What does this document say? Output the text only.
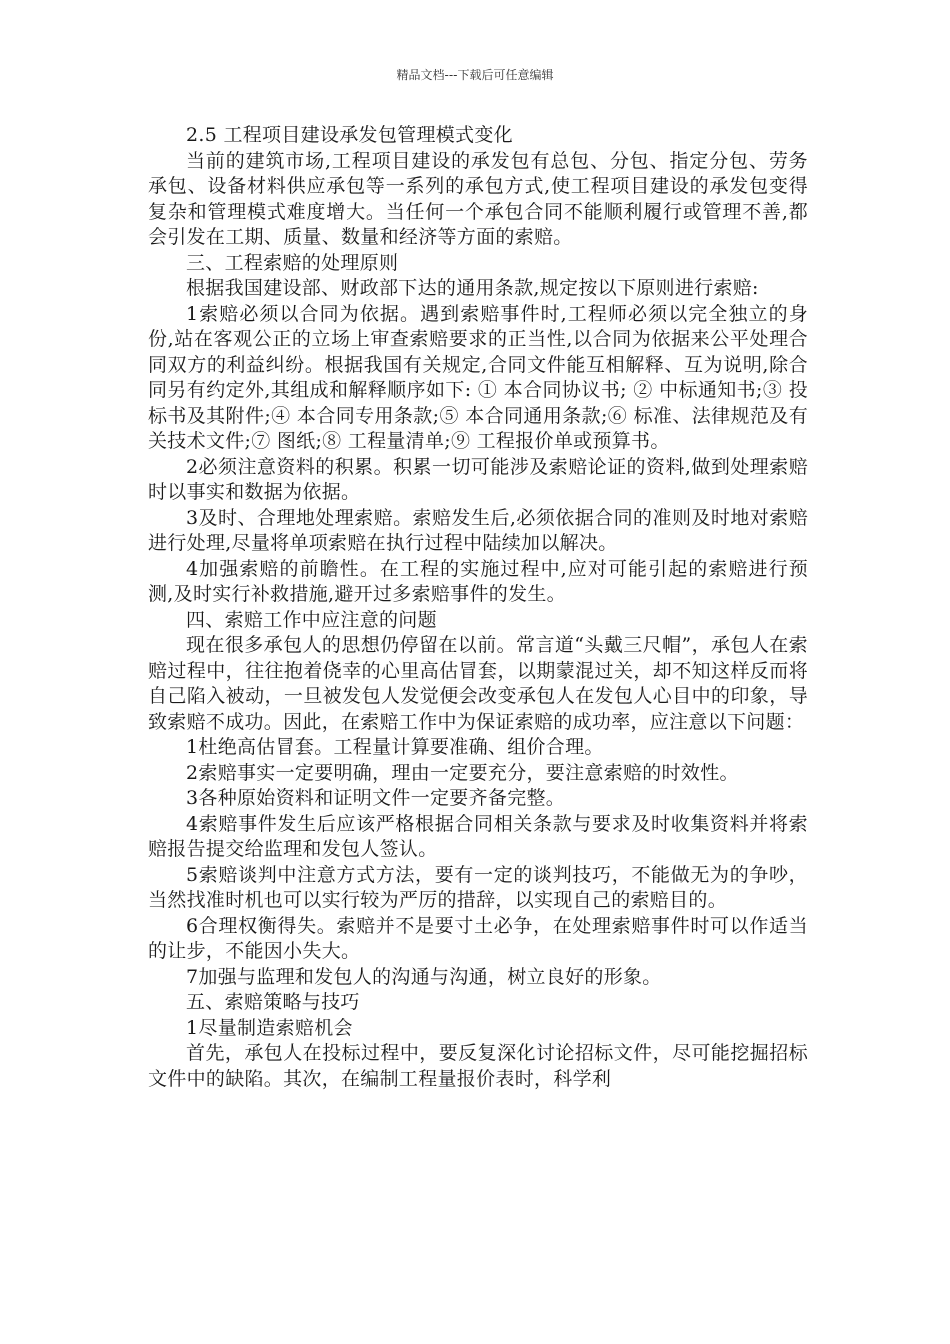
精品文档---下载后可任意编辑

2.5 工程项目建设承发包管理模式变化

当前的建筑市场,工程项目建设的承发包有总包、分包、指定分包、劳务承包、设备材料供应承包等一系列的承包方式,使工程项目建设的承发包变得复杂和管理模式难度增大。当任何一个承包合同不能顺利履行或管理不善,都会引发在工期、质量、数量和经济等方面的索赔。

三、工程索赔的处理原则

根据我国建设部、财政部下达的通用条款,规定按以下原则进行索赔:

1索赔必须以合同为依据。遇到索赔事件时,工程师必须以完全独立的身份,站在客观公正的立场上审查索赔要求的正当性,以合同为依据来公平处理合同双方的利益纠纷。根据我国有关规定,合同文件能互相解释、互为说明,除合同另有约定外,其组成和解释顺序如下: ① 本合同协议书; ② 中标通知书;③ 投标书及其附件;④ 本合同专用条款;⑤ 本合同通用条款;⑥ 标准、法律规范及有关技术文件;⑦ 图纸;⑧ 工程量清单;⑨ 工程报价单或预算书。

2必须注意资料的积累。积累一切可能涉及索赔论证的资料,做到处理索赔时以事实和数据为依据。

3及时、合理地处理索赔。索赔发生后,必须依据合同的准则及时地对索赔进行处理,尽量将单项索赔在执行过程中陆续加以解决。

4加强索赔的前瞻性。在工程的实施过程中,应对可能引起的索赔进行预测,及时实行补救措施,避开过多索赔事件的发生。

四、索赔工作中应注意的问题

现在很多承包人的思想仍停留在以前。常言道“头戴三尺帽”，承包人在索赔过程中，往往抱着侥幸的心里高估冒套，以期蒙混过关，却不知这样反而将自己陷入被动，一旦被发包人发觉便会改变承包人在发包人心目中的印象，导致索赔不成功。因此，在索赔工作中为保证索赔的成功率，应注意以下问题：

1杜绝高估冒套。工程量计算要准确、组价合理。

2索赔事实一定要明确，理由一定要充分，要注意索赔的时效性。

3各种原始资料和证明文件一定要齐备完整。

4索赔事件发生后应该严格根据合同相关条款与要求及时收集资料并将索赔报告提交给监理和发包人签认。

5索赔谈判中注意方式方法，要有一定的谈判技巧，不能做无为的争吵，当然找准时机也可以实行较为严厉的措辞，以实现自己的索赔目的。

6合理权衡得失。索赔并不是要寸土必争，在处理索赔事件时可以作适当的让步，不能因小失大。

7加强与监理和发包人的沟通与沟通，树立良好的形象。

五、索赔策略与技巧

1尽量制造索赔机会

首先，承包人在投标过程中，要反复深化讨论招标文件，尽可能挖掘招标文件中的缺陷。其次，在编制工程量报价表时，科学利
